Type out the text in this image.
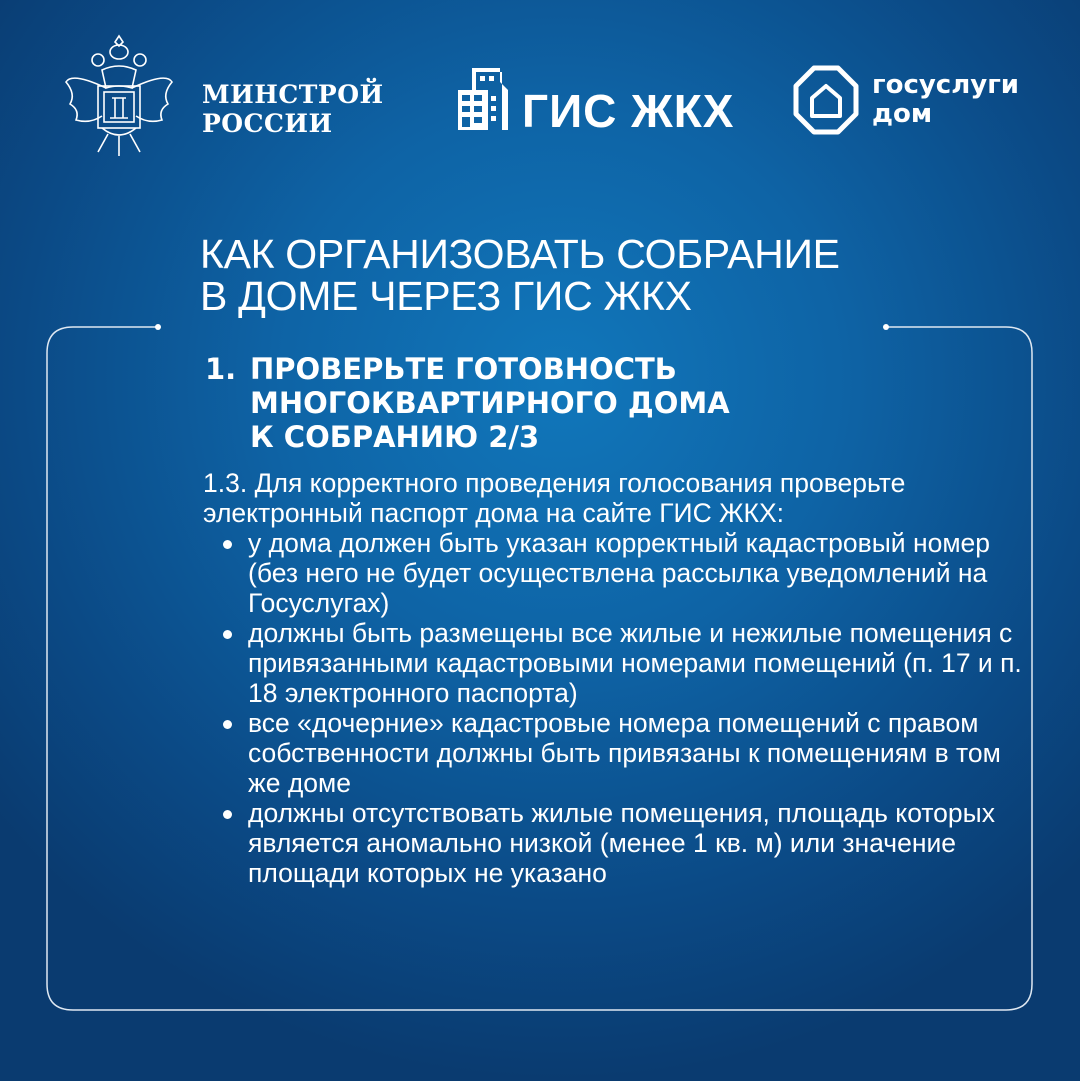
МИНСТРОЙ
РОССИИ	ГИС ЖКХ	госуслуги
дом
КАК ОРГАНИЗОВАТЬ СОБРАНИЕ
В ДОМЕ ЧЕРЕЗ ГИС ЖКХ
1. ПРОВЕРЬТЕ ГОТОВНОСТЬ
МНОГОКВАРТИРНОГО ДОМА
К СОБРАНИЮ 2/3
1.3. Для корректного проведения голосования проверьте электронный паспорт дома на сайте ГИС ЖКХ:
у дома должен быть указан корректный кадастровый номер (без него не будет осуществлена рассылка уведомлений на Госуслугах)
должны быть размещены все жилые и нежилые помещения с привязанными кадастровыми номерами помещений (п. 17 и п. 18 электронного паспорта)
все «дочерние» кадастровые номера помещений с правом собственности должны быть привязаны к помещениям в том же доме
должны отсутствовать жилые помещения, площадь которых является аномально низкой (менее 1 кв. м) или значение площади которых не указано
